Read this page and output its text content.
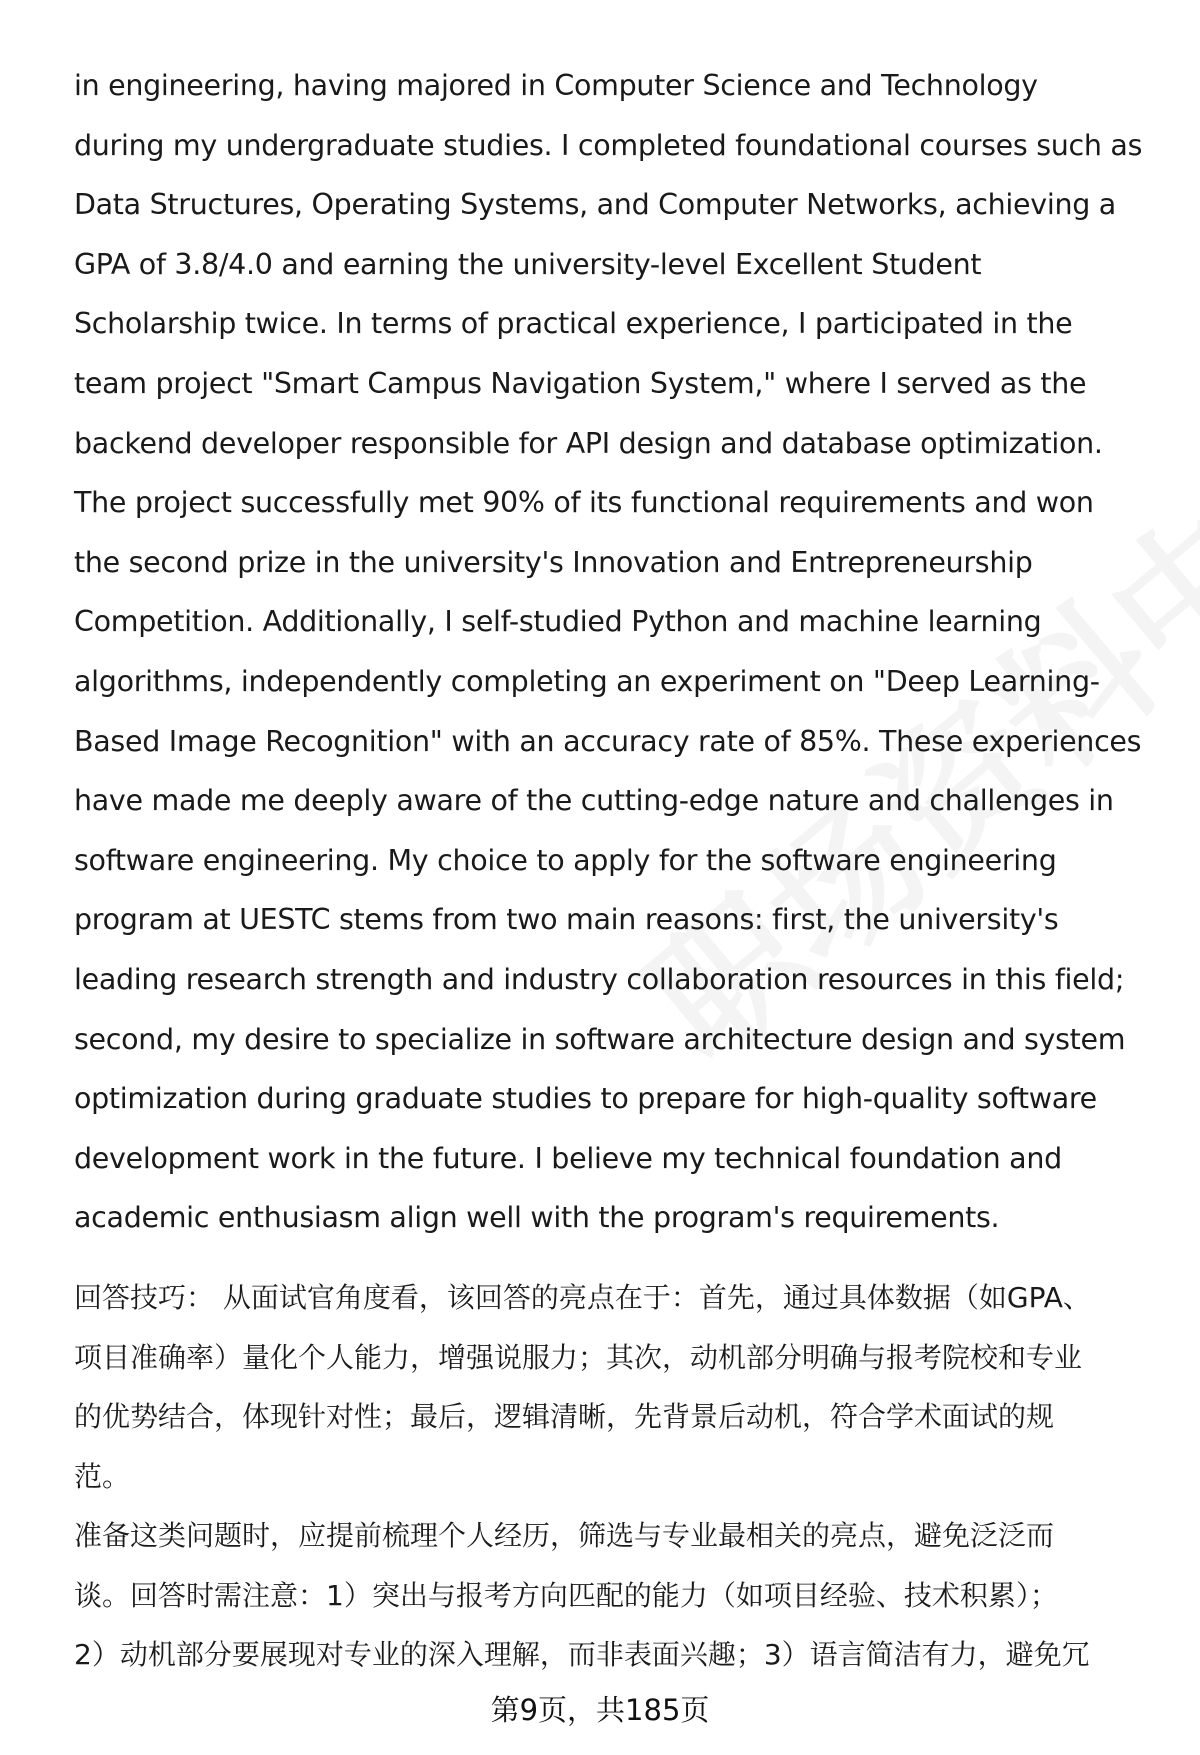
in engineering, having majored in Computer Science and Technology
during my undergraduate studies. I completed foundational courses such as
Data Structures, Operating Systems, and Computer Networks, achieving a
GPA of 3.8/4.0 and earning the university-level Excellent Student
Scholarship twice. In terms of practical experience, I participated in the
team project "Smart Campus Navigation System," where I served as the
backend developer responsible for API design and database optimization.
The project successfully met 90% of its functional requirements and won
the second prize in the university's Innovation and Entrepreneurship
Competition. Additionally, I self-studied Python and machine learning
algorithms, independently completing an experiment on "Deep Learning-
Based Image Recognition" with an accuracy rate of 85%. These experiences
have made me deeply aware of the cutting-edge nature and challenges in
software engineering. My choice to apply for the software engineering
program at UESTC stems from two main reasons: first, the university's
leading research strength and industry collaboration resources in this field;
second, my desire to specialize in software architecture design and system
optimization during graduate studies to prepare for high-quality software
development work in the future. I believe my technical foundation and
academic enthusiasm align well with the program's requirements.
回答技巧： 从面试官角度看，该回答的亮点在于：首先，通过具体数据（如GPA、
项目准确率）量化个人能力，增强说服力；其次，动机部分明确与报考院校和专业
的优势结合，体现针对性；最后，逻辑清晰，先背景后动机，符合学术面试的规
范。
准备这类问题时，应提前梳理个人经历，筛选与专业最相关的亮点，避免泛泛而
谈。回答时需注意：1）突出与报考方向匹配的能力（如项目经验、技术积累）；
2）动机部分要展现对专业的深入理解，而非表面兴趣；3）语言简洁有力，避免冗
第9页，共185页
